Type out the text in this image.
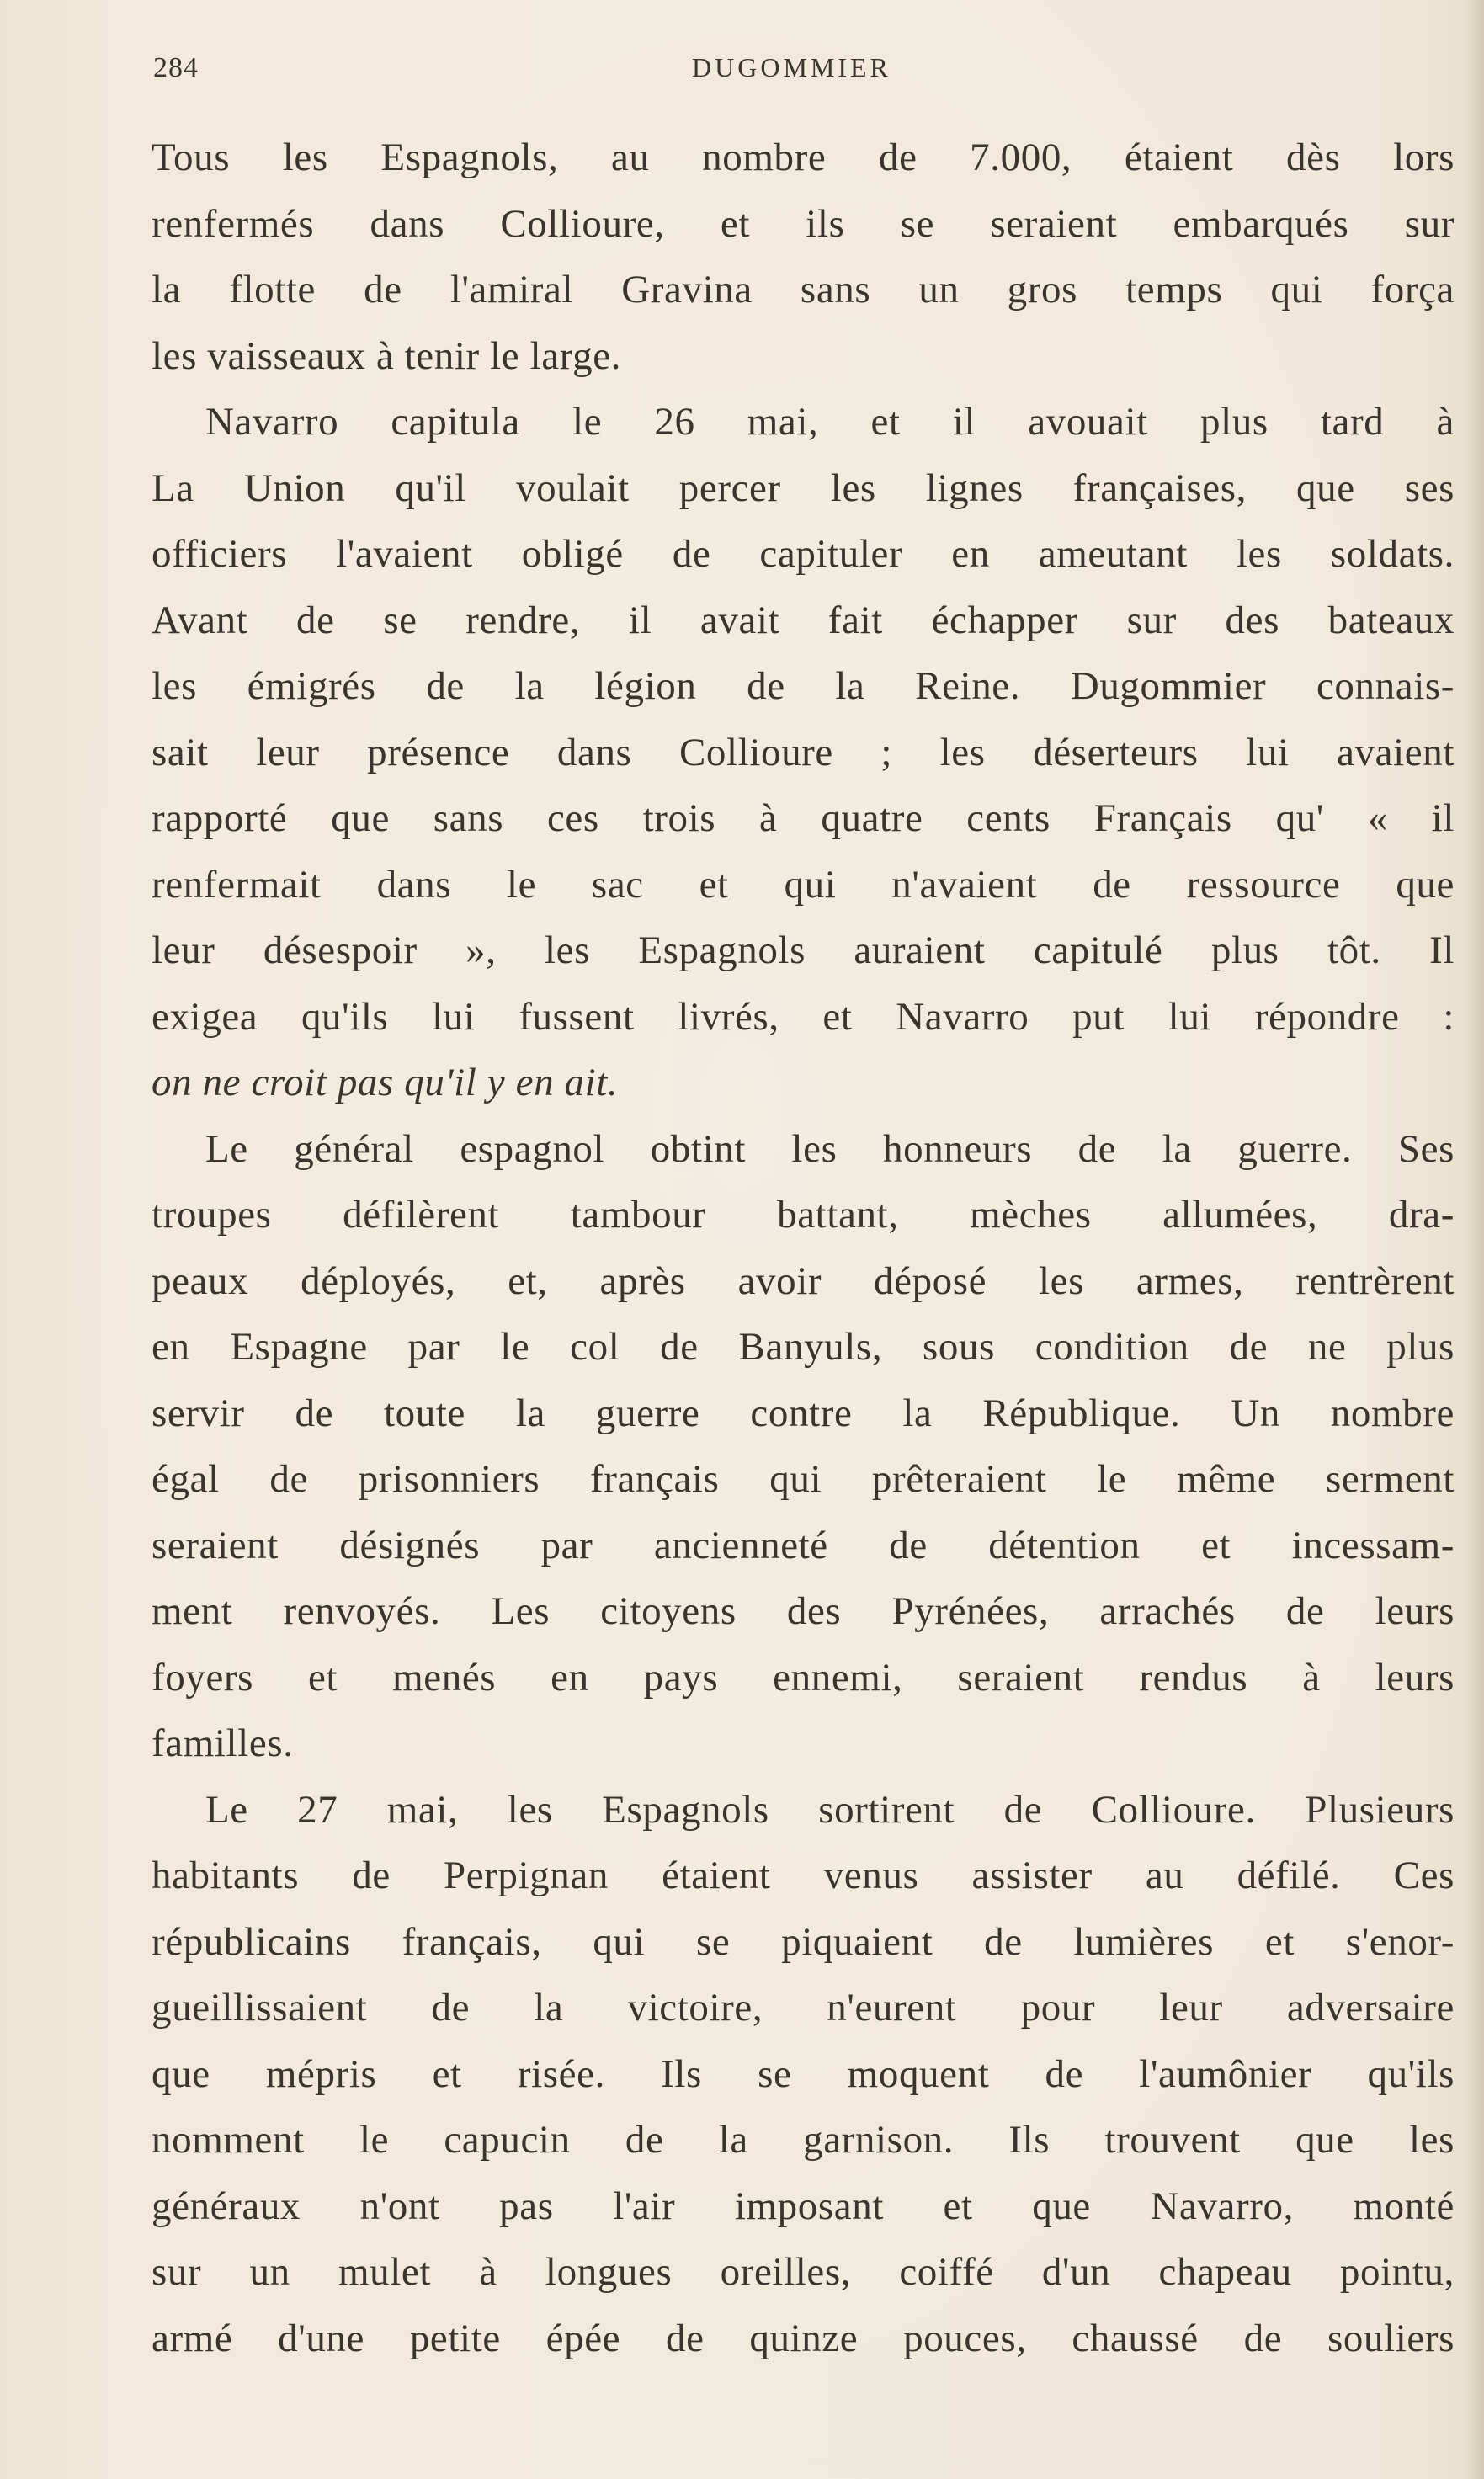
284	DUGOMMIER
Tous les Espagnols, au nombre de 7.000, étaient dès lors
renfermés dans Collioure, et ils se seraient embarqués sur
la flotte de l'amiral Gravina sans un gros temps qui força
les vaisseaux à tenir le large.
Navarro capitula le 26 mai, et il avouait plus tard à
La Union qu'il voulait percer les lignes françaises, que ses
officiers l'avaient obligé de capituler en ameutant les soldats.
Avant de se rendre, il avait fait échapper sur des bateaux
les émigrés de la légion de la Reine. Dugommier connais-
sait leur présence dans Collioure ; les déserteurs lui avaient
rapporté que sans ces trois à quatre cents Français qu' « il
renfermait dans le sac et qui n'avaient de ressource que
leur désespoir », les Espagnols auraient capitulé plus tôt. Il
exigea qu'ils lui fussent livrés, et Navarro put lui répondre :
on ne croit pas qu'il y en ait.
Le général espagnol obtint les honneurs de la guerre. Ses
troupes défilèrent tambour battant, mèches allumées, dra-
peaux déployés, et, après avoir déposé les armes, rentrèrent
en Espagne par le col de Banyuls, sous condition de ne plus
servir de toute la guerre contre la République. Un nombre
égal de prisonniers français qui prêteraient le même serment
seraient désignés par ancienneté de détention et incessam-
ment renvoyés. Les citoyens des Pyrénées, arrachés de leurs
foyers et menés en pays ennemi, seraient rendus à leurs
familles.
Le 27 mai, les Espagnols sortirent de Collioure. Plusieurs
habitants de Perpignan étaient venus assister au défilé. Ces
républicains français, qui se piquaient de lumières et s'enor-
gueillissaient de la victoire, n'eurent pour leur adversaire
que mépris et risée. Ils se moquent de l'aumônier qu'ils
nomment le capucin de la garnison. Ils trouvent que les
généraux n'ont pas l'air imposant et que Navarro, monté
sur un mulet à longues oreilles, coiffé d'un chapeau pointu,
armé d'une petite épée de quinze pouces, chaussé de souliers
